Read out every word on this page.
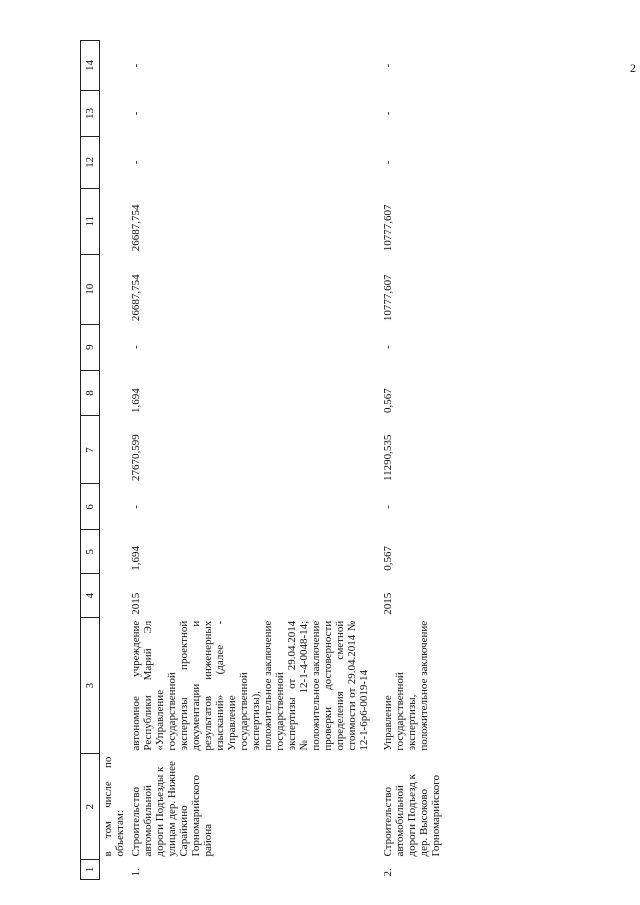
2
1	2	3	4	5	6	7	8	9	10	11	12	13	14
	в том числе по объектам:												
1.	Строительство автомобильной дороги Подъезды к улицам дер. Нижнее Сарайкино Горномарийского района	автономное учреждение Республики Марий Эл «Управление государственной экспертизы проектной документации и результатов инженерных изысканий» (далее - Управление государственной экспертизы), положительное заключение государственной экспертизы от 29.04.2014 № 12-1-4-0048-14; положительное заключение проверки достоверности определения сметной стоимости от 29.04.2014 № 12-1-6р6-0019-14	2015	1,694	-	27670,599	1,694	-	26687,754	26687,754	-	-	-

2.	Строительство автомобильной дороги Подъезд к дер. Высоково Горномарийского	Управление государственной экспертизы, положительное заключение	2015	0,567	-	11290,535	0,567	-	10777,607	10777,607	-	-	-
